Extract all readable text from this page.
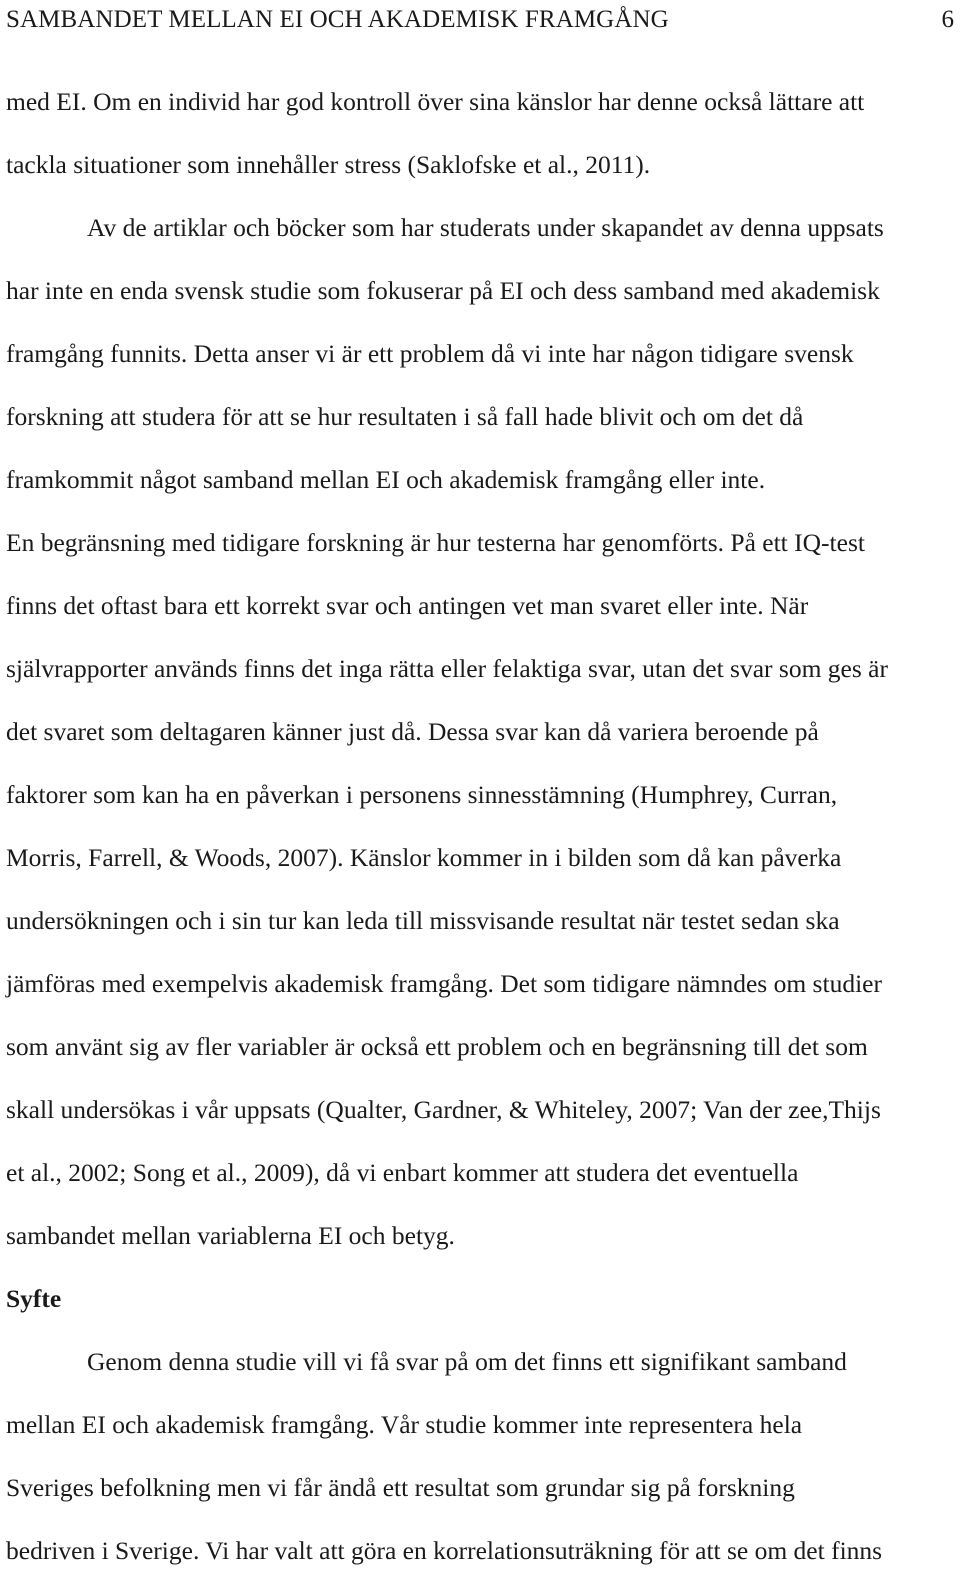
SAMBANDET MELLAN EI OCH AKADEMISK FRAMGÅNG	6
med EI. Om en individ har god kontroll över sina känslor har denne också lättare att
tackla situationer som innehåller stress (Saklofske et al., 2011).
Av de artiklar och böcker som har studerats under skapandet av denna uppsats
har inte en enda svensk studie som fokuserar på EI och dess samband med akademisk
framgång funnits. Detta anser vi är ett problem då vi inte har någon tidigare svensk
forskning att studera för att se hur resultaten i så fall hade blivit och om det då
framkommit något samband mellan EI och akademisk framgång eller inte.
En begränsning med tidigare forskning är hur testerna har genomförts. På ett IQ-test
finns det oftast bara ett korrekt svar och antingen vet man svaret eller inte. När
självrapporter används finns det inga rätta eller felaktiga svar, utan det svar som ges är
det svaret som deltagaren känner just då. Dessa svar kan då variera beroende på
faktorer som kan ha en påverkan i personens sinnesstämning (Humphrey, Curran,
Morris, Farrell, & Woods, 2007). Känslor kommer in i bilden som då kan påverka
undersökningen och i sin tur kan leda till missvisande resultat när testet sedan ska
jämföras med exempelvis akademisk framgång. Det som tidigare nämndes om studier
som använt sig av fler variabler är också ett problem och en begränsning till det som
skall undersökas i vår uppsats (Qualter, Gardner, & Whiteley, 2007; Van der zee,Thijs
et al., 2002; Song et al., 2009), då vi enbart kommer att studera det eventuella
sambandet mellan variablerna EI och betyg.
Syfte
Genom denna studie vill vi få svar på om det finns ett signifikant samband
mellan EI och akademisk framgång. Vår studie kommer inte representera hela
Sveriges befolkning men vi får ändå ett resultat som grundar sig på forskning
bedriven i Sverige. Vi har valt att göra en korrelationsuträkning för att se om det finns
